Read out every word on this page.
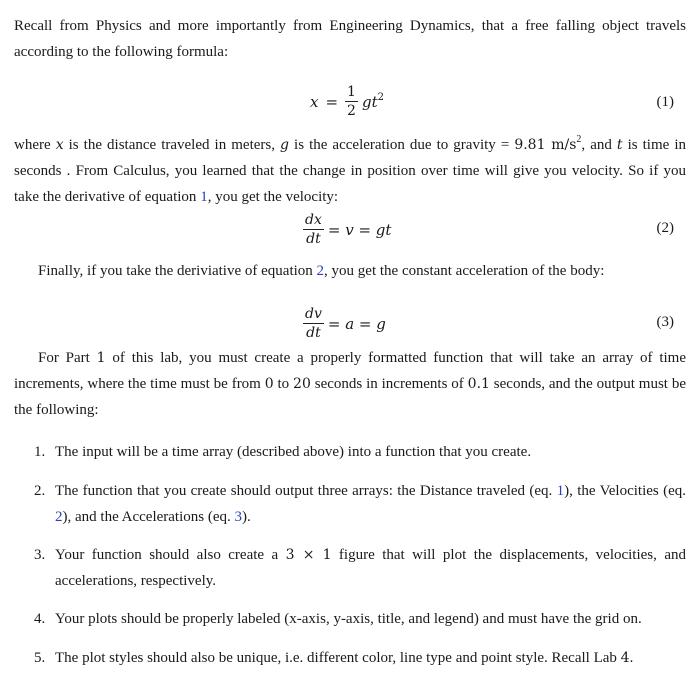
Recall from Physics and more importantly from Engineering Dynamics, that a free falling object travels according to the following formula:
$x = \frac{1}{2} gt^2$	(1)
where x is the distance traveled in meters, g is the acceleration due to gravity = 9.81 $m/s^2$, and t is time in seconds . From Calculus, you learned that the change in position over time will give you velocity. So if you take the derivative of equation 1, you get the velocity:
$\frac{dx}{dt} = v$ = gt	(2)
Finally, if you take the deriviative of equation 2, you get the constant acceleration of the body:
$\frac{dv}{dt} = a = g$	(3)
For Part 1 of this lab, you must create a properly formatted function that will take an array of time increments, where the time must be from 0 to 20 seconds in increments of 0.1 seconds, and the output must be the following:
1. The input will be a time array (described above) into a function that you create.
2. The function that you create should output three arrays: the Distance traveled (eq. 1), the Velocities (eq. 2), and the Accelerations (eq. 3).
3. Your function should also create a 3 × 1 figure that will plot the displacements, velocities, and accelerations, respectively.
4. Your plots should be properly labeled (x-axis, y-axis, title, and legend) and must have the grid on.
5. The plot styles should also be unique, i.e. different color, line type and point style. Recall Lab 4.
